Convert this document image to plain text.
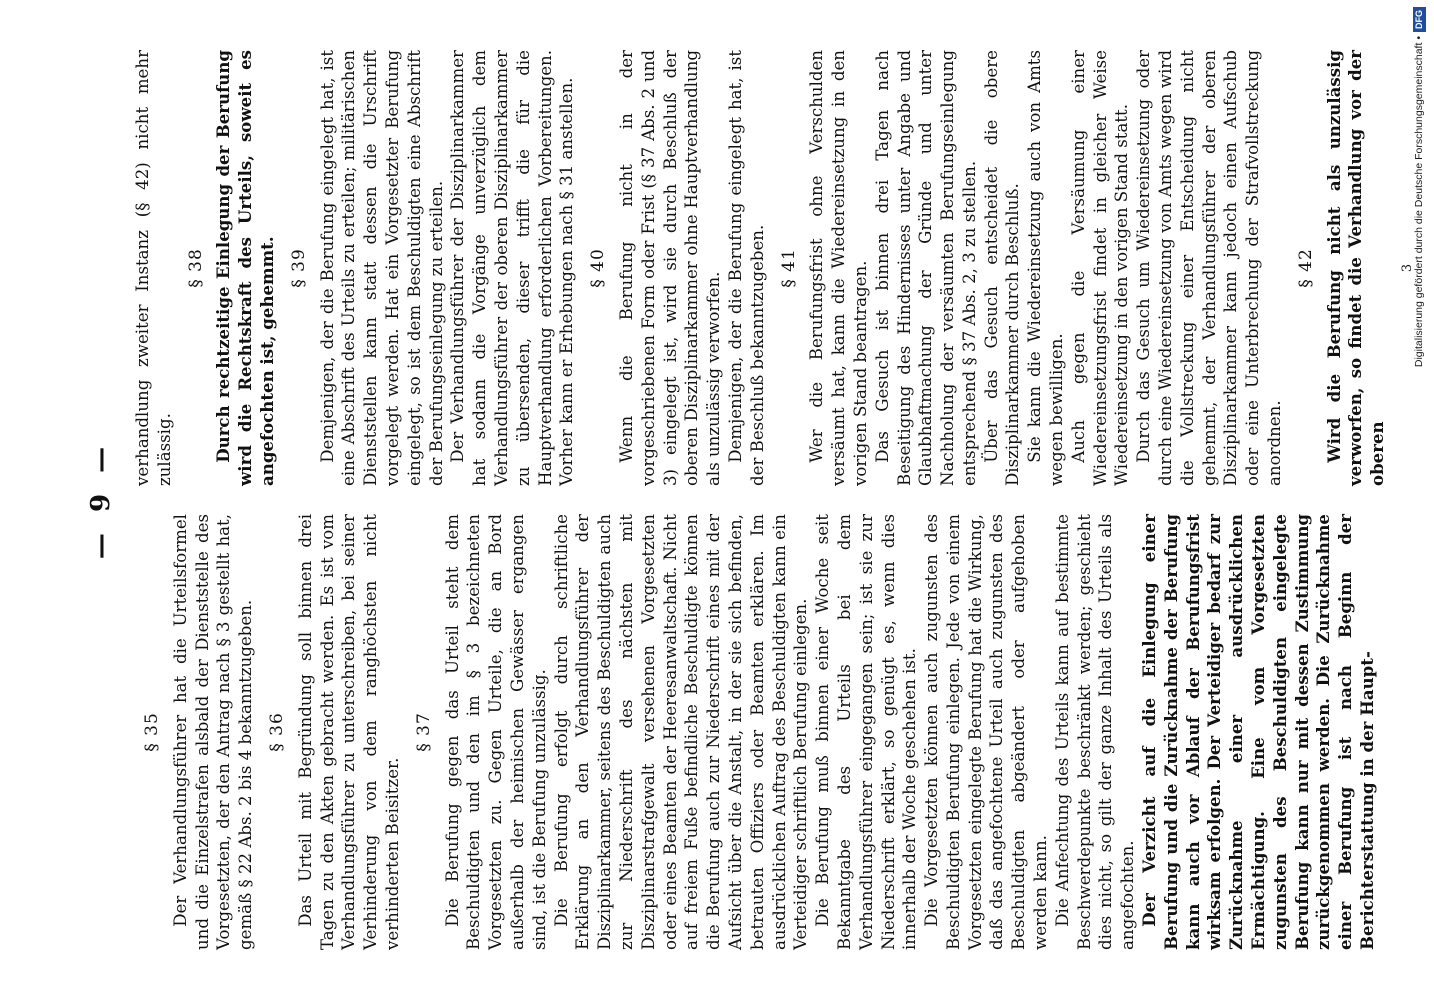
— 9 —
§ 35 Der Verhandlungsführer hat die Urteilsformel und die Einzelstrafen alsbald der Dienststelle des Vorgesetzten, der den Antrag nach § 3 gestellt hat, gemäß § 22 Abs. 2 bis 4 bekanntzugeben. § 36 Das Urteil mit Begründung soll binnen drei Tagen zu den Akten gebracht werden. Es ist vom Verhandlungsführer zu unterschreiben, bei seiner Verhinderung von dem ranghöchsten nicht verhinderten Beisitzer.

§ 37 Die Berufung gegen das Urteil steht dem Beschuldigten und den im § 3 bezeichneten Vorgesetzten zu. Gegen Urteile, die an Bord außerhalb der heimischen Gewässer ergangen sind, ist die Berufung unzulässig. Die Berufung erfolgt durch schriftliche Erklärung an den Verhandlungsführer der Disziplinarkammer, seitens des Beschuldigten auch zur Niederschrift des nächsten mit Disziplinarstrafgewalt versehenen Vorgesetzten oder eines Beamten der Heeresanwaltschaft. Nicht auf freiem Fuße befindliche Beschuldigte können die Berufung auch zur Niederschrift eines mit der Aufsicht über die Anstalt, in der sie sich befinden, betrauten Offiziers oder Beamten erklären. Im ausdrücklichen Auftrag des Beschuldigten kann ein Verteidiger schriftlich Berufung einlegen. Die Berufung muß binnen einer Woche seit Bekanntgabe des Urteils bei dem Verhandlungsführer eingegangen sein; ist sie zur Niederschrift erklärt, so genügt es, wenn dies innerhalb der Woche geschehen ist. Die Vorgesetzten können auch zugunsten des Beschuldigten Berufung einlegen. Jede von einem Vorgesetzten eingelegte Berufung hat die Wirkung, daß das angefochtene Urteil auch zugunsten des Beschuldigten abgeändert oder aufgehoben werden kann. Die Anfechtung des Urteils kann auf bestimmte Beschwerdepunkte beschränkt werden; geschieht dies nicht, so gilt der ganze Inhalt des Urteils als angefochten. Der Verzicht auf die Einlegung einer Berufung und die Zurücknahme der Berufung kann auch vor Ablauf der Berufungsfrist wirksam erfolgen. Der Verteidiger bedarf zur Zurücknahme einer ausdrücklichen Ermächtigung. Eine vom Vorgesetzten zugunsten des Beschuldigten eingelegte Berufung kann nur mit dessen Zustimmung zurückgenommen werden. Die Zurücknahme einer Berufung ist nach Beginn der Berichterstattung in der Haupt-

verhandlung zweiter Instanz (§ 42) nicht mehr zulässig.

§ 38 Durch rechtzeitige Einlegung der Berufung wird die Rechtskraft des Urteils, soweit es angefochten ist, gehemmt. § 39 Demjenigen, der die Berufung eingelegt hat, ist eine Abschrift des Urteils zu erteilen; militärischen Dienststellen kann statt dessen die Urschrift vorgelegt werden. Hat ein Vorgesetzter Berufung eingelegt, so ist dem Beschuldigten eine Abschrift der Berufungseinlegung zu erteilen. Der Verhandlungsführer der Disziplinarkammer hat sodann die Vorgänge unverzüglich dem Verhandlungsführer der oberen Disziplinarkammer zu übersenden, dieser trifft die für die Hauptverhandlung erforderlichen Vorbereitungen. Vorher kann er Erhebungen nach § 31 anstellen. § 40 Wenn die Berufung nicht in der vorgeschriebenen Form oder Frist (§ 37 Abs. 2 und 3) eingelegt ist, wird sie durch Beschluß der oberen Disziplinarkammer ohne Hauptverhandlung als unzulässig verworfen. Demjenigen, der die Berufung eingelegt hat, ist der Beschluß bekanntzugeben. § 41 Wer die Berufungsfrist ohne Verschulden versäumt hat, kann die Wiedereinsetzung in den vorigen Stand beantragen. Das Gesuch ist binnen drei Tagen nach Beseitigung des Hindernisses unter Angabe und Glaubhaftmachung der Gründe und unter Nachholung der versäumten Berufungseinlegung entsprechend § 37 Abs. 2, 3 zu stellen. Über das Gesuch entscheidet die obere Disziplinarkammer durch Beschluß. Sie kann die Wiedereinsetzung auch von Amts wegen bewilligen. Auch gegen die Versäumung einer Wiedereinsetzungsfrist findet in gleicher Weise Wiedereinsetzung in den vorigen Stand statt. Durch das Gesuch um Wiedereinsetzung oder durch eine Wiedereinsetzung von Amts wegen wird die Vollstreckung einer Entscheidung nicht gehemmt, der Verhandlungsführer der oberen Disziplinarkammer kann jedoch einen Aufschub oder eine Unterbrechung der Strafvollstreckung anordnen.

§ 42 Wird die Berufung nicht als unzulässig verworfen, so findet die Verhandlung vor der oberen

3
Digitalisierung gefördert durch die Deutsche Forschungsgemeinschaft •
DFG
